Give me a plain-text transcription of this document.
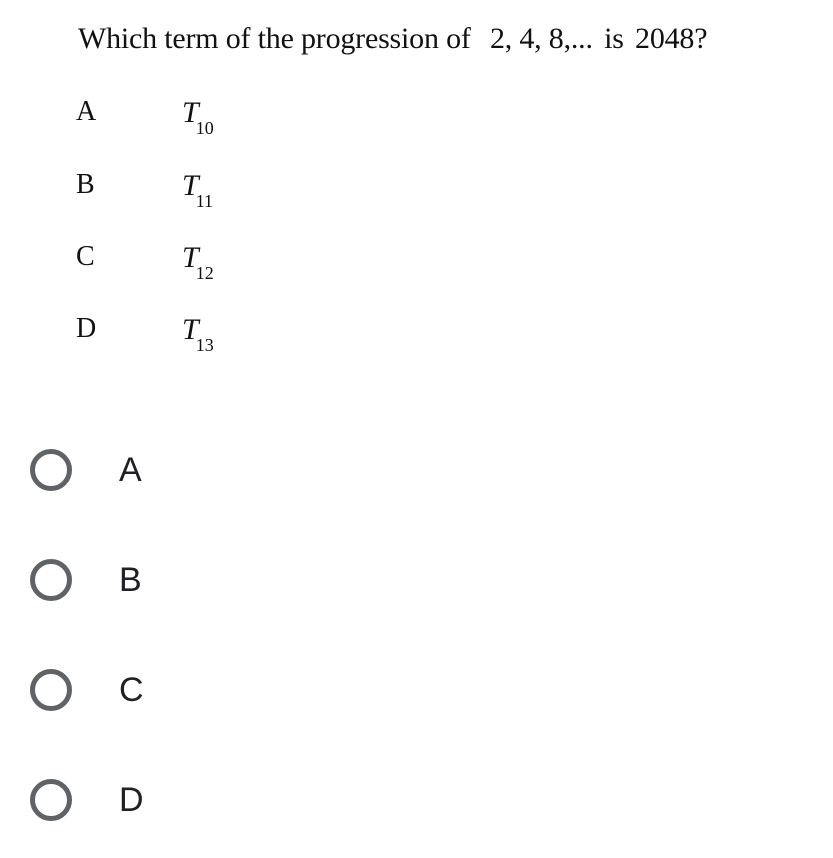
Which term of the progression of 2, 4, 8,... is 2048?
A	$T_{10}$
B	$T_{11}$
C	$T_{12}$
D	$T_{13}$
A
B
C
D
